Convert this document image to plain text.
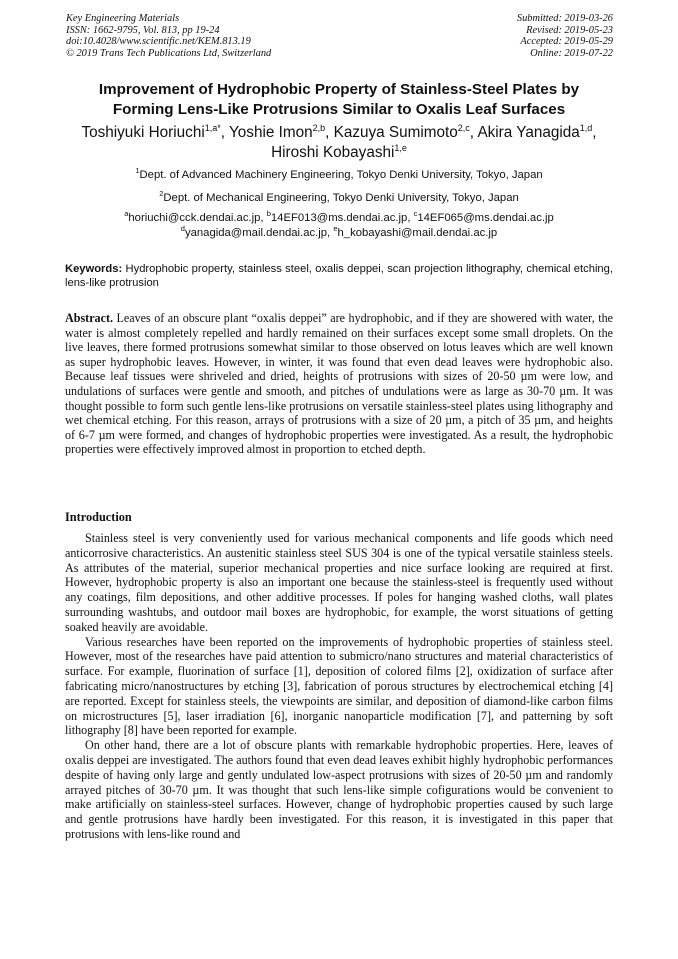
Key Engineering Materials
ISSN: 1662-9795, Vol. 813, pp 19-24
doi:10.4028/www.scientific.net/KEM.813.19
© 2019 Trans Tech Publications Ltd, Switzerland
Submitted: 2019-03-26
Revised: 2019-05-23
Accepted: 2019-05-29
Online: 2019-07-22
Improvement of Hydrophobic Property of Stainless-Steel Plates by
Forming Lens-Like Protrusions Similar to Oxalis Leaf Surfaces
Toshiyuki Horiuchi$^{1,a*}$, Yoshie Imon$^{2,b}$, Kazuya Sumimoto$^{2,c}$, Akira Yanagida$^{1,d}$,
Hiroshi Kobayashi$^{1,e}$
$^1$Dept. of Advanced Machinery Engineering, Tokyo Denki University, Tokyo, Japan
$^2$Dept. of Mechanical Engineering, Tokyo Denki University, Tokyo, Japan
$^a$horiuchi@cck.dendai.ac.jp, $^b$14EF013@ms.dendai.ac.jp, $^c$14EF065@ms.dendai.ac.jp
$^d$yanagida@mail.dendai.ac.jp, $^e$h_kobayashi@mail.dendai.ac.jp
Keywords: Hydrophobic property, stainless steel, oxalis deppei, scan projection lithography, chemical etching, lens-like protrusion
Abstract. Leaves of an obscure plant “oxalis deppei” are hydrophobic, and if they are showered with water, the water is almost completely repelled and hardly remained on their surfaces except some small droplets. On the live leaves, there formed protrusions somewhat similar to those observed on lotus leaves which are well known as super hydrophobic leaves. However, in winter, it was found that even dead leaves were hydrophobic also. Because leaf tissues were shriveled and dried, heights of protrusions with sizes of 20-50 µm were low, and undulations of surfaces were gentle and smooth, and pitches of undulations were as large as 30-70 µm. It was thought possible to form such gentle lens-like protrusions on versatile stainless-steel plates using lithography and wet chemical etching. For this reason, arrays of protrusions with a size of 20 µm, a pitch of 35 µm, and heights of 6-7 µm were formed, and changes of hydrophobic properties were investigated. As a result, the hydrophobic properties were effectively improved almost in proportion to etched depth.
Introduction

Stainless steel is very conveniently used for various mechanical components and life goods which need anticorrosive characteristics. An austenitic stainless steel SUS 304 is one of the typical versatile stainless steels. As attributes of the material, superior mechanical properties and nice surface looking are required at first. However, hydrophobic property is also an important one because the stainless-steel is frequently used without any coatings, film depositions, and other additive processes. If poles for hanging washed cloths, wall plates surrounding washtubs, and outdoor mail boxes are hydrophobic, for example, the worst situations of getting soaked heavily are avoidable.

Various researches have been reported on the improvements of hydrophobic properties of stainless steel. However, most of the researches have paid attention to submicro/nano structures and material characteristics of surface. For example, fluorination of surface [1], deposition of colored films [2], oxidization of surface after fabricating micro/nanostructures by etching [3], fabrication of porous structures by electrochemical etching [4] are reported. Except for stainless steels, the viewpoints are similar, and deposition of diamond-like carbon films on microstructures [5], laser irradiation [6], inorganic nanoparticle modification [7], and patterning by soft lithography [8] have been reported for example.

On other hand, there are a lot of obscure plants with remarkable hydrophobic properties. Here, leaves of oxalis deppei are investigated. The authors found that even dead leaves exhibit highly hydrophobic performances despite of having only large and gently undulated low-aspect protrusions with sizes of 20-50 µm and randomly arrayed pitches of 30-70 µm. It was thought that such lens-like simple cofigurations would be convenient to make artificially on stainless-steel surfaces. However, change of hydrophobic properties caused by such large and gentle protrusions have hardly been investigated. For this reason, it is investigated in this paper that protrusions with lens-like round and
